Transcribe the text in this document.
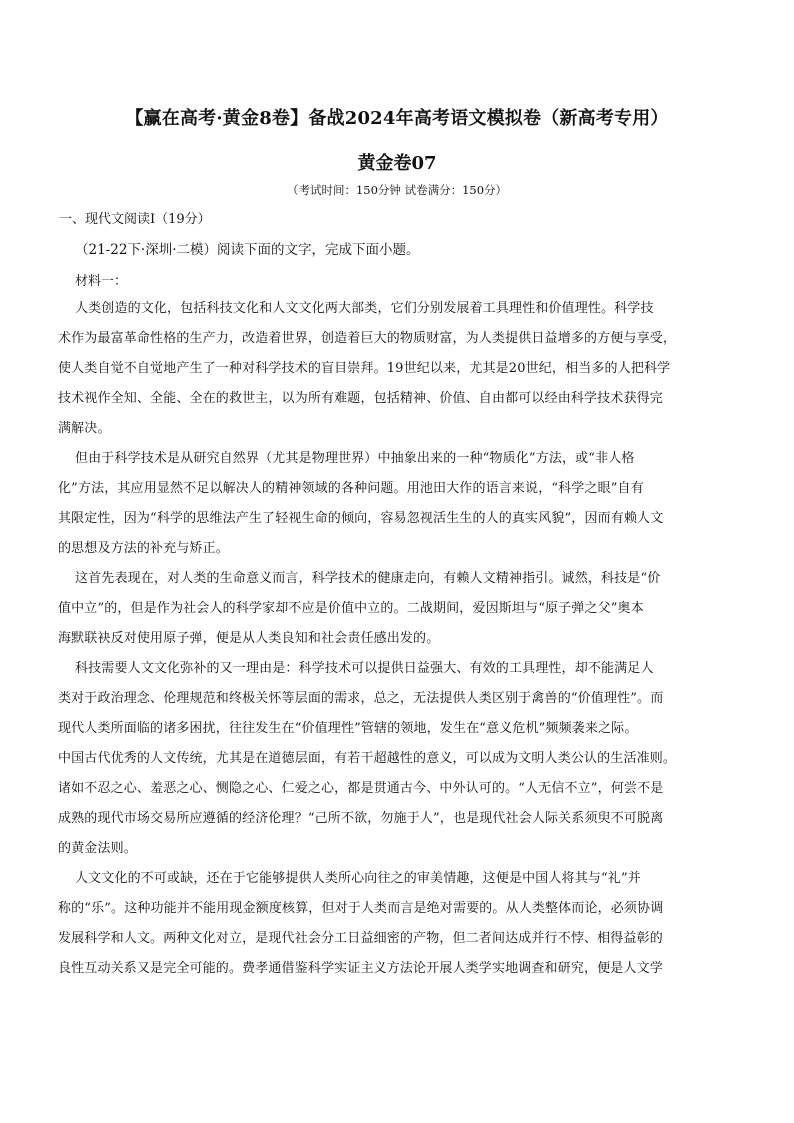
【赢在高考·黄金8卷】备战2024年高考语文模拟卷（新高考专用）
黄金卷07
（考试时间：150分钟 试卷满分：150分）
一、现代文阅读Ⅰ（19分）
（21-22下·深圳·二模）阅读下面的文字，完成下面小题。
材料一：
人类创造的文化，包括科技文化和人文文化两大部类，它们分别发展着工具理性和价值理性。科学技
术作为最富革命性格的生产力，改造着世界，创造着巨大的物质财富，为人类提供日益增多的方便与享受，
使人类自觉不自觉地产生了一种对科学技术的盲目崇拜。19世纪以来，尤其是20世纪，相当多的人把科学
技术视作全知、全能、全在的救世主，以为所有难题，包括精神、价值、自由都可以经由科学技术获得完
满解决。
但由于科学技术是从研究自然界（尤其是物理世界）中抽象出来的一种“物质化”方法，或“非人格
化”方法，其应用显然不足以解决人的精神领域的各种问题。用池田大作的语言来说，“科学之眼”自有
其限定性，因为“科学的思维法产生了轻视生命的倾向，容易忽视活生生的人的真实风貌”，因而有赖人文
的思想及方法的补充与矫正。
这首先表现在，对人类的生命意义而言，科学技术的健康走向，有赖人文精神指引。诚然，科技是“价
值中立”的，但是作为社会人的科学家却不应是价值中立的。二战期间，爱因斯坦与“原子弹之父”奥本
海默联袂反对使用原子弹，便是从人类良知和社会责任感出发的。
科技需要人文文化弥补的又一理由是：科学技术可以提供日益强大、有效的工具理性，却不能满足人
类对于政治理念、伦理规范和终极关怀等层面的需求，总之，无法提供人类区别于禽兽的“价值理性”。而
现代人类所面临的诸多困扰，往往发生在“价值理性”管辖的领地，发生在“意义危机”频频袭来之际。
中国古代优秀的人文传统，尤其是在道德层面，有若干超越性的意义，可以成为文明人类公认的生活准则。
诸如不忍之心、羞恶之心、恻隐之心、仁爱之心，都是贯通古今、中外认可的。“人无信不立”，何尝不是
成熟的现代市场交易所应遵循的经济伦理？“己所不欲，勿施于人”，也是现代社会人际关系须臾不可脱离
的黄金法则。
人文文化的不可或缺，还在于它能够提供人类所心向往之的审美情趣，这便是中国人将其与“礼”并
称的“乐”。这种功能并不能用现金额度核算，但对于人类而言是绝对需要的。从人类整体而论，必须协调
发展科学和人文。两种文化对立，是现代社会分工日益细密的产物，但二者间达成并行不悖、相得益彰的
良性互动关系又是完全可能的。费孝通借鉴科学实证主义方法论开展人类学实地调查和研究，便是人文学
